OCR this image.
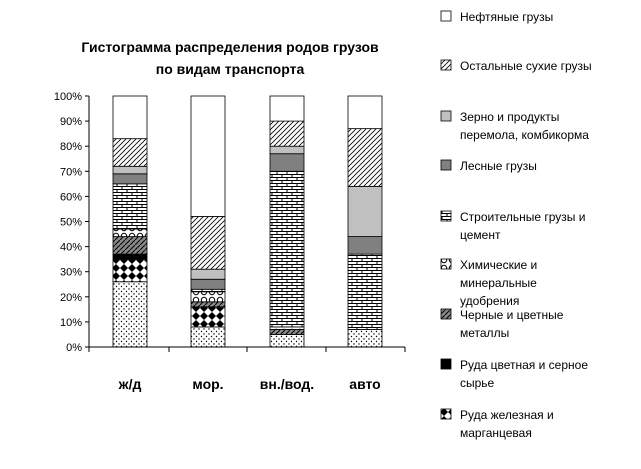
Гистограмма распределения родов грузов
по видам транспорта
0%
10%
20%
30%
40%
50%
60%
70%
80%
90%
100%
ж/д	мор.	вн./вод.	авто
Нефтяные грузы
Остальные сухие грузы
Зерно и продукты
перемола, комбикорма
Лесные грузы
Строительные грузы и
цемент
Химические и
минеральные
удобрения
Черные и цветные
металлы
Руда цветная и серное
сырье
Руда железная и
марганцевая
